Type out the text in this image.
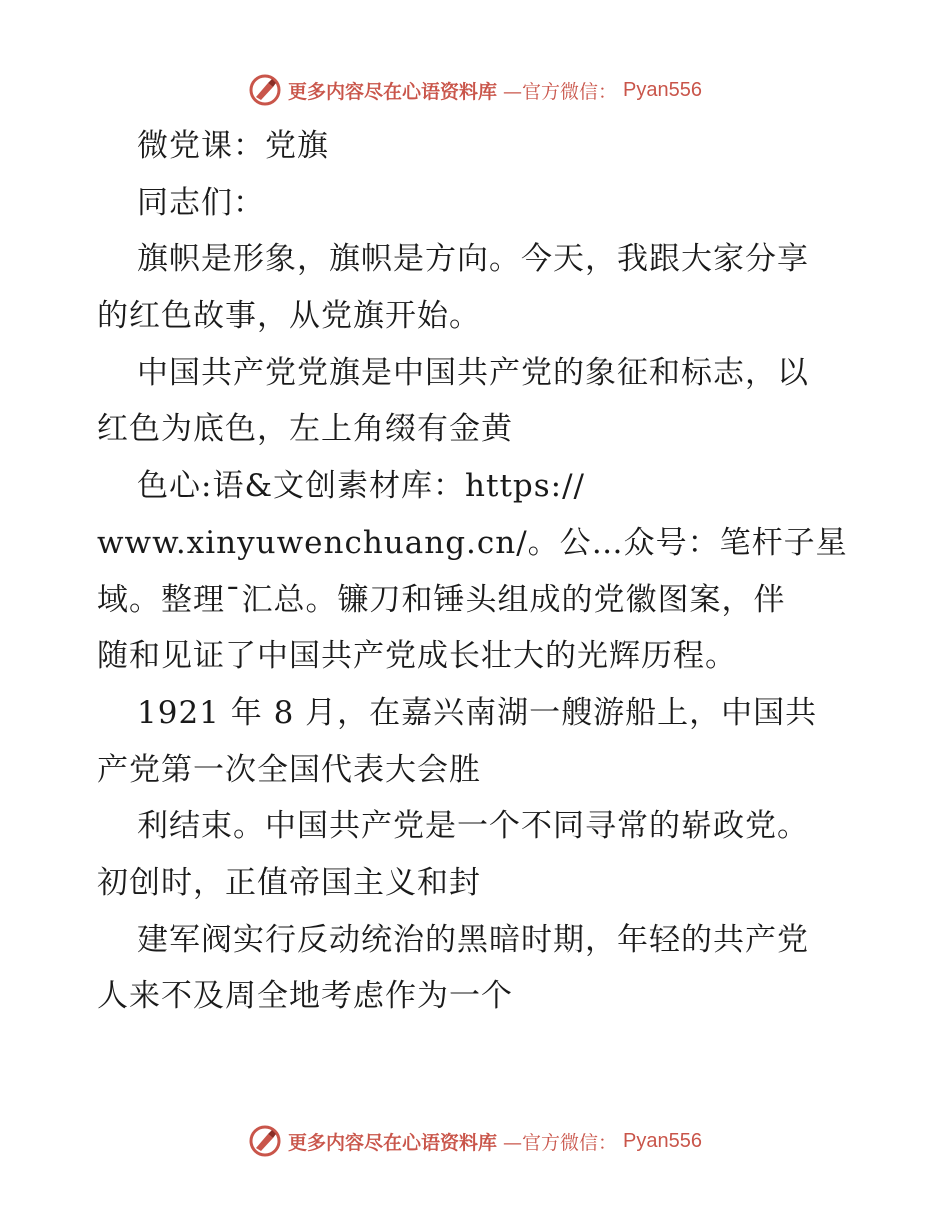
更多内容尽在心语资料库 —官方微信： Pyan556
微党课：党旗
同志们：
旗帜是形象，旗帜是方向。今天，我跟大家分享
的红色故事，从党旗开始。
中国共产党党旗是中国共产党的象征和标志，以
红色为底色，左上角缀有金黄
色心:语&文创素材库：https://
www.xinyuwenchuang.cn/。公…众号：笔杆子星
域。整理¯汇总。镰刀和锤头组成的党徽图案，伴
随和见证了中国共产党成长壮大的光辉历程。
1921 年 8 月，在嘉兴南湖一艘游船上，中国共
产党第一次全国代表大会胜
利结束。中国共产党是一个不同寻常的崭政党。
初创时，正值帝国主义和封
建军阀实行反动统治的黑暗时期，年轻的共产党
人来不及周全地考虑作为一个
更多内容尽在心语资料库 —官方微信： Pyan556
